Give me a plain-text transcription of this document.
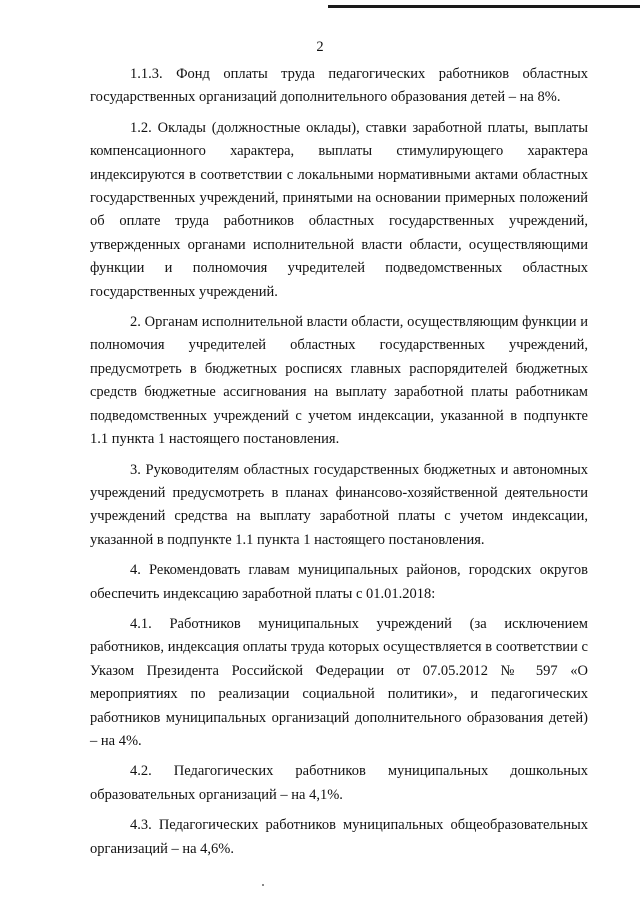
2

1.1.3. Фонд оплаты труда педагогических работников областных государственных организаций дополнительного образования детей – на 8%.

1.2. Оклады (должностные оклады), ставки заработной платы, выплаты компенсационного характера, выплаты стимулирующего характера индексируются в соответствии с локальными нормативными актами областных государственных учреждений, принятыми на основании примерных положений об оплате труда работников областных государственных учреждений, утвержденных органами исполнительной власти области, осуществляющими функции и полномочия учредителей подведомственных областных государственных учреждений.

2. Органам исполнительной власти области, осуществляющим функции и полномочия учредителей областных государственных учреждений, предусмотреть в бюджетных росписях главных распорядителей бюджетных средств бюджетные ассигнования на выплату заработной платы работникам подведомственных учреждений с учетом индексации, указанной в подпункте 1.1 пункта 1 настоящего постановления.

3. Руководителям областных государственных бюджетных и автономных учреждений предусмотреть в планах финансово-хозяйственной деятельности учреждений средства на выплату заработной платы с учетом индексации, указанной в подпункте 1.1 пункта 1 настоящего постановления.

4. Рекомендовать главам муниципальных районов, городских округов обеспечить индексацию заработной платы с 01.01.2018:

4.1. Работников муниципальных учреждений (за исключением работников, индексация оплаты труда которых осуществляется в соответствии с Указом Президента Российской Федерации от 07.05.2012 № 597 «О мероприятиях по реализации социальной политики», и педагогических работников муниципальных организаций дополнительного образования детей) – на 4%.

4.2. Педагогических работников муниципальных дошкольных образовательных организаций – на 4,1%.

4.3. Педагогических работников муниципальных общеобразовательных организаций – на 4,6%.
